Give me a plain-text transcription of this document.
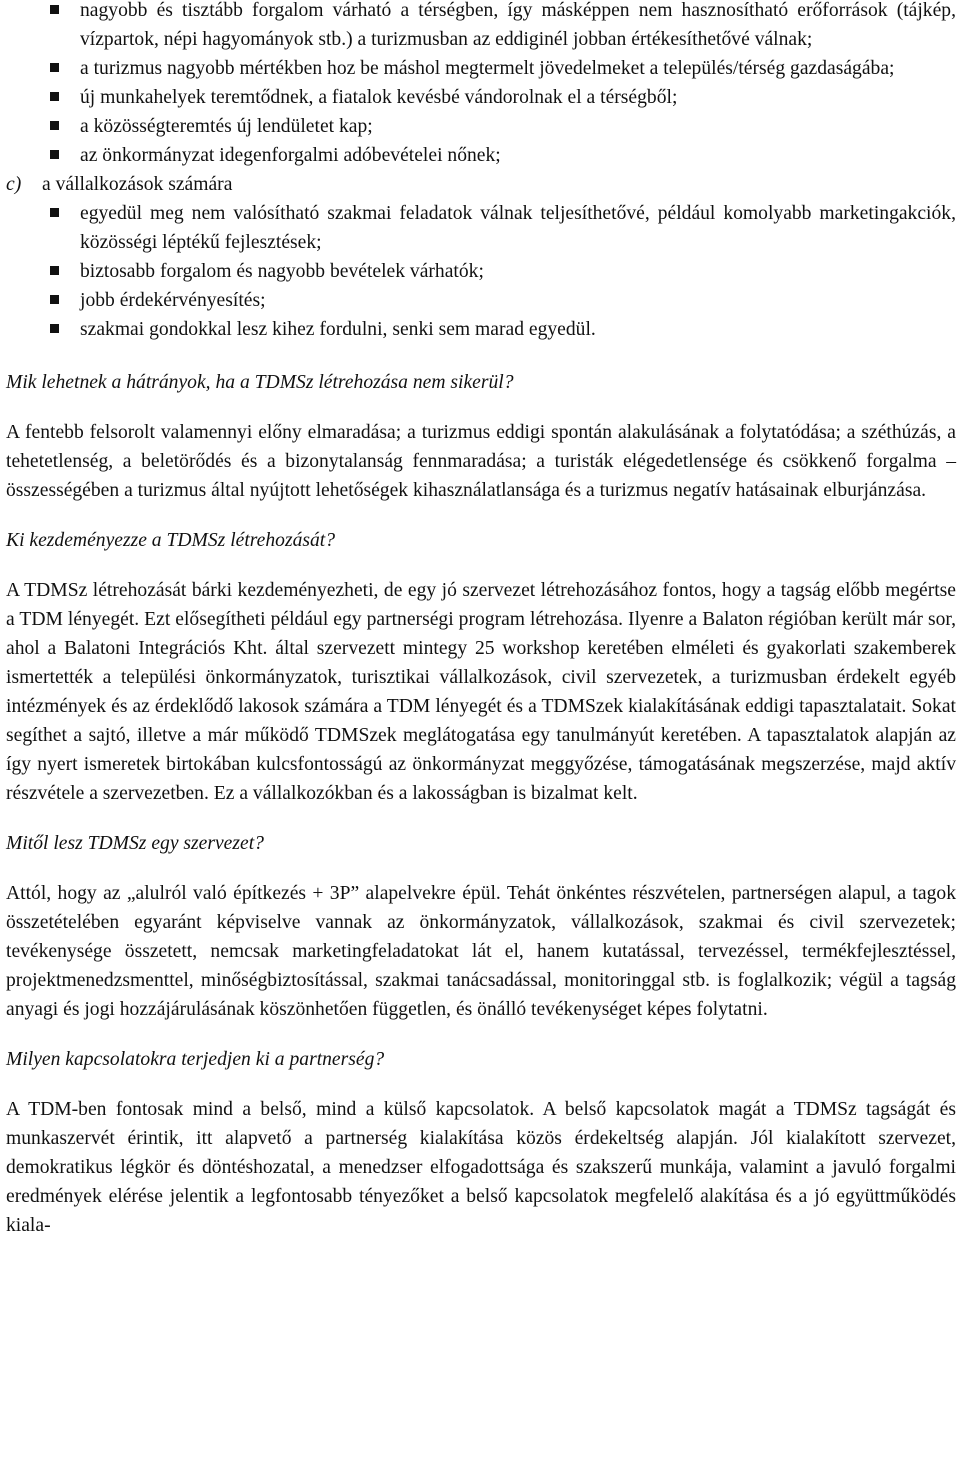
nagyobb és tisztább forgalom várható a térségben, így másképpen nem hasznosítható erőforrások (tájkép, vízpartok, népi hagyományok stb.) a turizmusban az eddiginél jobban értékesíthetővé válnak;
a turizmus nagyobb mértékben hoz be máshol megtermelt jövedelmeket a település/térség gazdaságába;
új munkahelyek teremtődnek, a fiatalok kevésbé vándorolnak el a térségből;
a közösségteremtés új lendületet kap;
az önkormányzat idegenforgalmi adóbevételei nőnek;
c) a vállalkozások számára
egyedül meg nem valósítható szakmai feladatok válnak teljesíthetővé, például komolyabb marketingakciók, közösségi léptékű fejlesztések;
biztosabb forgalom és nagyobb bevételek várhatók;
jobb érdekérvényesítés;
szakmai gondokkal lesz kihez fordulni, senki sem marad egyedül.

Mik lehetnek a hátrányok, ha a TDMSz létrehozása nem sikerül?

A fentebb felsorolt valamennyi előny elmaradása; a turizmus eddigi spontán alakulásának a folytatódása; a széthúzás, a tehetetlenség, a beletörődés és a bizonytalanság fennmaradása; a turisták elégedetlensége és csökkenő forgalma – összességében a turizmus által nyújtott lehetőségek kihasználatlansága és a turizmus negatív hatásainak elburjánzása.

Ki kezdeményezze a TDMSz létrehozását?

A TDMSz létrehozását bárki kezdeményezheti, de egy jó szervezet létrehozásához fontos, hogy a tagság előbb megértse a TDM lényegét. Ezt elősegítheti például egy partnerségi program létrehozása. Ilyenre a Balaton régióban került már sor, ahol a Balatoni Integrációs Kht. által szervezett mintegy 25 workshop keretében elméleti és gyakorlati szakemberek ismertették a települési önkormányzatok, turisztikai vállalkozások, civil szervezetek, a turizmusban érdekelt egyéb intézmények és az érdeklődő lakosok számára a TDM lényegét és a TDMSzek kialakításának eddigi tapasztalatait. Sokat segíthet a sajtó, illetve a már működő TDMSzek meglátogatása egy tanulmányút keretében. A tapasztalatok alapján az így nyert ismeretek birtokában kulcsfontosságú az önkormányzat meggyőzése, támogatásának megszerzése, majd aktív részvétele a szervezetben. Ez a vállalkozókban és a lakosságban is bizalmat kelt.

Mitől lesz TDMSz egy szervezet?

Attól, hogy az „alulról való építkezés + 3P” alapelvekre épül. Tehát önkéntes részvételen, partnerségen alapul, a tagok összetételében egyaránt képviselve vannak az önkormányzatok, vállalkozások, szakmai és civil szervezetek; tevékenysége összetett, nemcsak marketingfeladatokat lát el, hanem kutatással, tervezéssel, termékfejlesztéssel, projektmenedzsmenttel, minőségbiztosítással, szakmai tanácsadással, monitoringgal stb. is foglalkozik; végül a tagság anyagi és jogi hozzájárulásának köszönhetően független, és önálló tevékenységet képes folytatni.

Milyen kapcsolatokra terjedjen ki a partnerség?

A TDM-ben fontosak mind a belső, mind a külső kapcsolatok. A belső kapcsolatok magát a TDMSz tagságát és munkaszervét érintik, itt alapvető a partnerség kialakítása közös érdekeltség alapján. Jól kialakított szervezet, demokratikus légkör és döntéshozatal, a menedzser elfogadottsága és szakszerű munkája, valamint a javuló forgalmi eredmények elérése jelentik a legfontosabb tényezőket a belső kapcsolatok megfelelő alakítása és a jó együttműködés kiala-
